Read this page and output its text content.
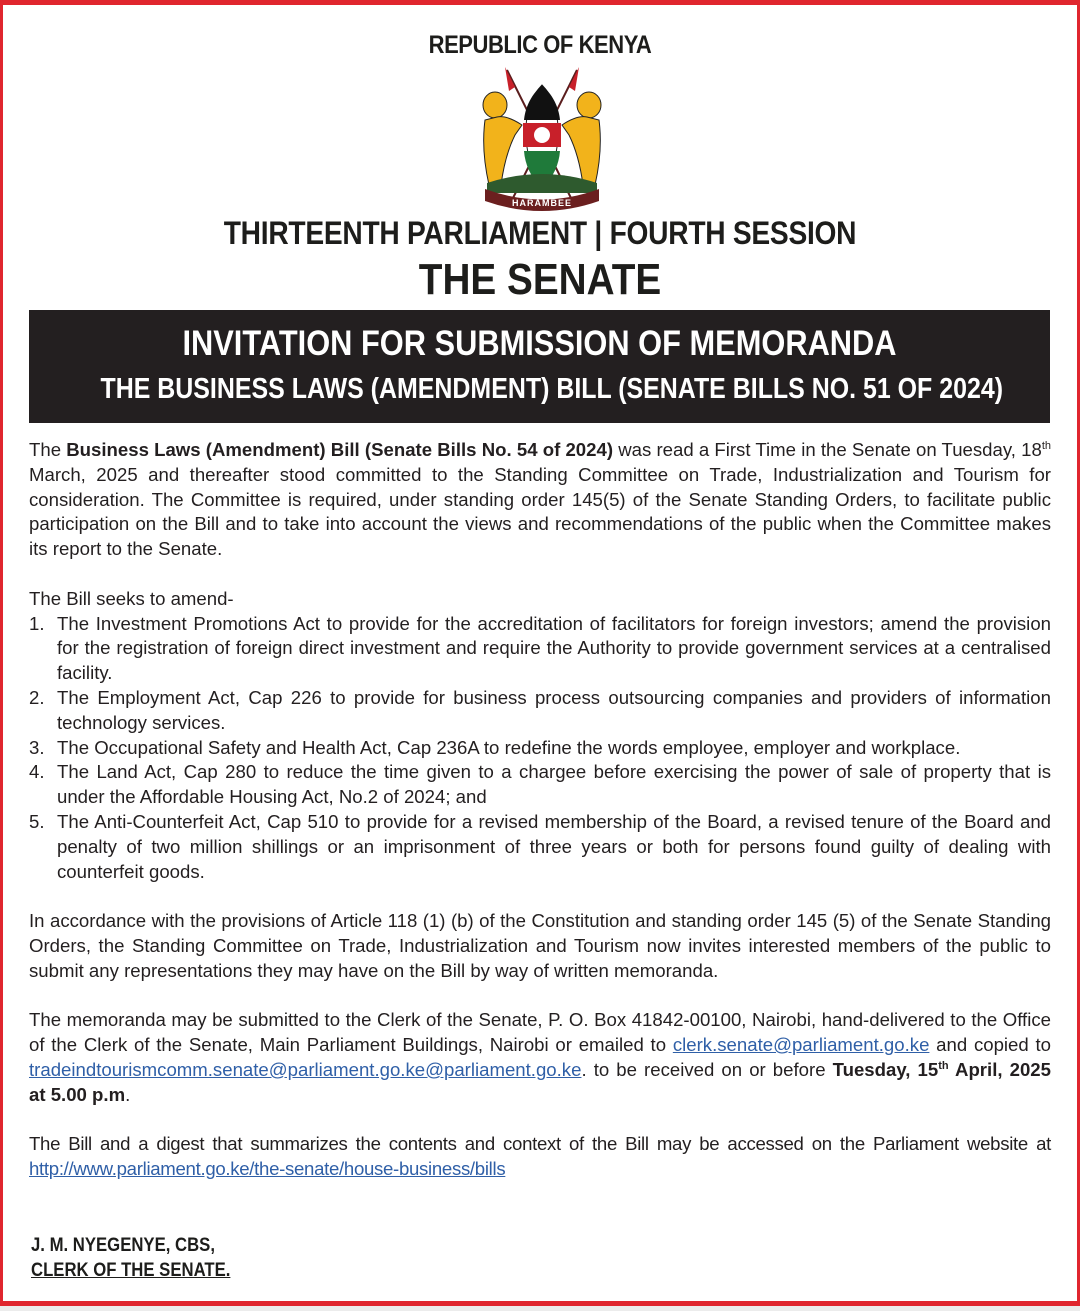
REPUBLIC OF KENYA
HARAMBEE
THIRTEENTH PARLIAMENT | FOURTH SESSION
THE SENATE
INVITATION FOR SUBMISSION OF MEMORANDA
THE BUSINESS LAWS (AMENDMENT) BILL (SENATE BILLS NO. 51 OF 2024)

The Business Laws (Amendment) Bill (Senate Bills No. 54 of 2024) was read a First Time in the Senate on Tuesday, 18th March, 2025 and thereafter stood committed to the Standing Committee on Trade, Industrialization and Tourism for consideration. The Committee is required, under standing order 145(5) of the Senate Standing Orders, to facilitate public participation on the Bill and to take into account the views and recommendations of the public when the Committee makes its report to the Senate.

The Bill seeks to amend-

1. The Investment Promotions Act to provide for the accreditation of facilitators for foreign investors; amend the provision for the registration of foreign direct investment and require the Authority to provide government services at a centralised facility.
2. The Employment Act, Cap 226 to provide for business process outsourcing companies and providers of information technology services.
3. The Occupational Safety and Health Act, Cap 236A to redefine the words employee, employer and workplace.
4. The Land Act, Cap 280 to reduce the time given to a chargee before exercising the power of sale of property that is under the Affordable Housing Act, No.2 of 2024; and
5. The Anti-Counterfeit Act, Cap 510 to provide for a revised membership of the Board, a revised tenure of the Board and penalty of two million shillings or an imprisonment of three years or both for persons found guilty of dealing with counterfeit goods.

In accordance with the provisions of Article 118 (1) (b) of the Constitution and standing order 145 (5) of the Senate Standing Orders, the Standing Committee on Trade, Industrialization and Tourism now invites interested members of the public to submit any representations they may have on the Bill by way of written memoranda.

The memoranda may be submitted to the Clerk of the Senate, P. O. Box 41842-00100, Nairobi, hand-delivered to the Office of the Clerk of the Senate, Main Parliament Buildings, Nairobi or emailed to clerk.senate@parliament.go.ke and copied to tradeindtourismcomm.senate@parliament.go.ke@parliament.go.ke. to be received on or before Tuesday, 15th April, 2025 at 5.00 p.m.

The Bill and a digest that summarizes the contents and context of the Bill may be accessed on the Parliament website at http://www.parliament.go.ke/the-senate/house-business/bills

J. M. NYEGENYE, CBS,
CLERK OF THE SENATE.
